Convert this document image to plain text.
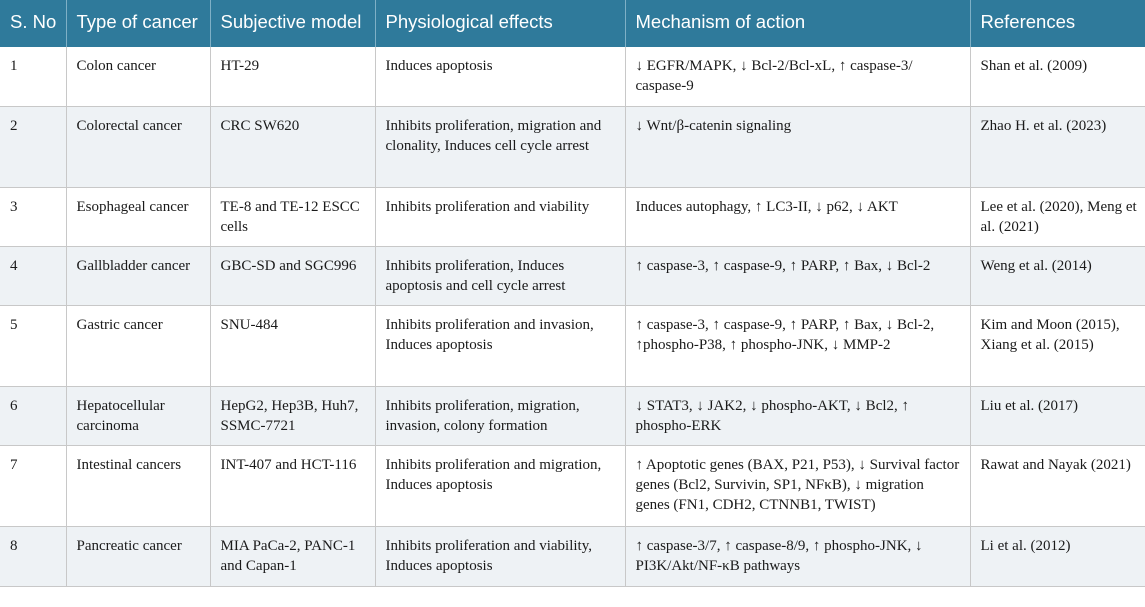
S. No	Type of cancer	Subjective model	Physiological effects	Mechanism of action	References
1	Colon cancer	HT-29	Induces apoptosis	↓ EGFR/MAPK, ↓ Bcl-2/Bcl-xL, ↑ caspase-3/ caspase-9	Shan et al. (2009)
2	Colorectal cancer	CRC SW620	Inhibits proliferation, migration and clonality, Induces cell cycle arrest	↓ Wnt/β-catenin signaling	Zhao H. et al. (2023)
3	Esophageal cancer	TE-8 and TE-12 ESCC cells	Inhibits proliferation and viability	Induces autophagy, ↑ LC3-II, ↓ p62, ↓ AKT	Lee et al. (2020), Meng et al. (2021)
4	Gallbladder cancer	GBC-SD and SGC996	Inhibits proliferation, Induces apoptosis and cell cycle arrest	↑ caspase-3, ↑ caspase-9, ↑ PARP, ↑ Bax, ↓ Bcl-2	Weng et al. (2014)
5	Gastric cancer	SNU-484	Inhibits proliferation and invasion, Induces apoptosis	↑ caspase-3, ↑ caspase-9, ↑ PARP, ↑ Bax, ↓ Bcl-2, ↑phospho-P38, ↑ phospho-JNK, ↓ MMP-2	Kim and Moon (2015), Xiang et al. (2015)
6	Hepatocellular carcinoma	HepG2, Hep3B, Huh7, SSMC-7721	Inhibits proliferation, migration, invasion, colony formation	↓ STAT3, ↓ JAK2, ↓ phospho-AKT, ↓ Bcl2, ↑ phospho-ERK	Liu et al. (2017)
7	Intestinal cancers	INT-407 and HCT-116	Inhibits proliferation and migration, Induces apoptosis	↑ Apoptotic genes (BAX, P21, P53), ↓ Survival factor genes (Bcl2, Survivin, SP1, NFκB), ↓ migration genes (FN1, CDH2, CTNNB1, TWIST)	Rawat and Nayak (2021)
8	Pancreatic cancer	MIA PaCa-2, PANC-1 and Capan-1	Inhibits proliferation and viability, Induces apoptosis	↑ caspase-3/7, ↑ caspase-8/9, ↑ phospho-JNK, ↓ PI3K/Akt/NF-κB pathways	Li et al. (2012)
